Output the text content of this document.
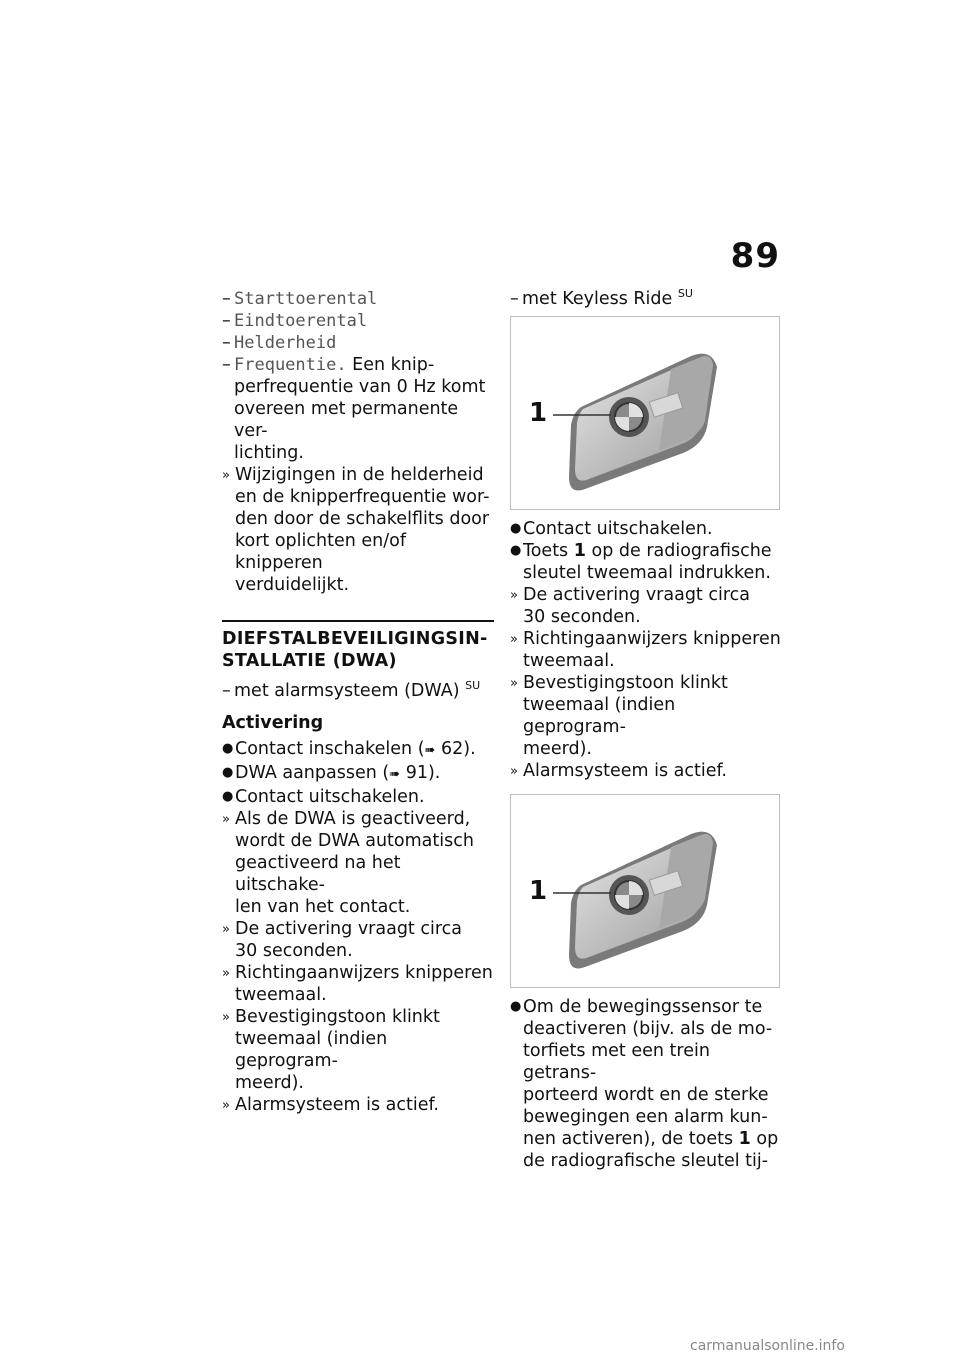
89

– Starttoerental

– Eindtoerental

– Helderheid

– Frequentie. Een knip-

perfrequentie van 0 Hz komt

overeen met permanente ver-

lichting.

» Wijzigingen in de helderheid
en de knipperfrequentie wor-
den door de schakelflits door
kort oplichten en/of knipperen
verduidelijkt.
DIEFSTALBEVEILIGINGSIN-
STALLATIE (DWA)

– met alarmsysteem (DWA) $^{SU}$

Activering

● Contact inschakelen (➠ 62).
● DWA aanpassen (➠ 91).
● Contact uitschakelen.
» Als de DWA is geactiveerd,
wordt de DWA automatisch
geactiveerd na het uitschake-
len van het contact.
» De activering vraagt circa
30 seconden.
» Richtingaanwijzers knipperen
tweemaal.
» Bevestigingstoon klinkt
tweemaal (indien geprogram-
meerd).
» Alarmsysteem is actief.

– met Keyless Ride $^{SU}$

1
● Contact uitschakelen.
● Toets 1 op de radiografische
sleutel tweemaal indrukken.
» De activering vraagt circa
30 seconden.
» Richtingaanwijzers knipperen
tweemaal.
» Bevestigingstoon klinkt
tweemaal (indien geprogram-
meerd).
» Alarmsysteem is actief.
1
● Om de bewegingssensor te
deactiveren (bijv. als de mo-
torfiets met een trein getrans-
porteerd wordt en de sterke
bewegingen een alarm kun-
nen activeren), de toets 1 op
de radiografische sleutel tij-
carmanualsonline.info
